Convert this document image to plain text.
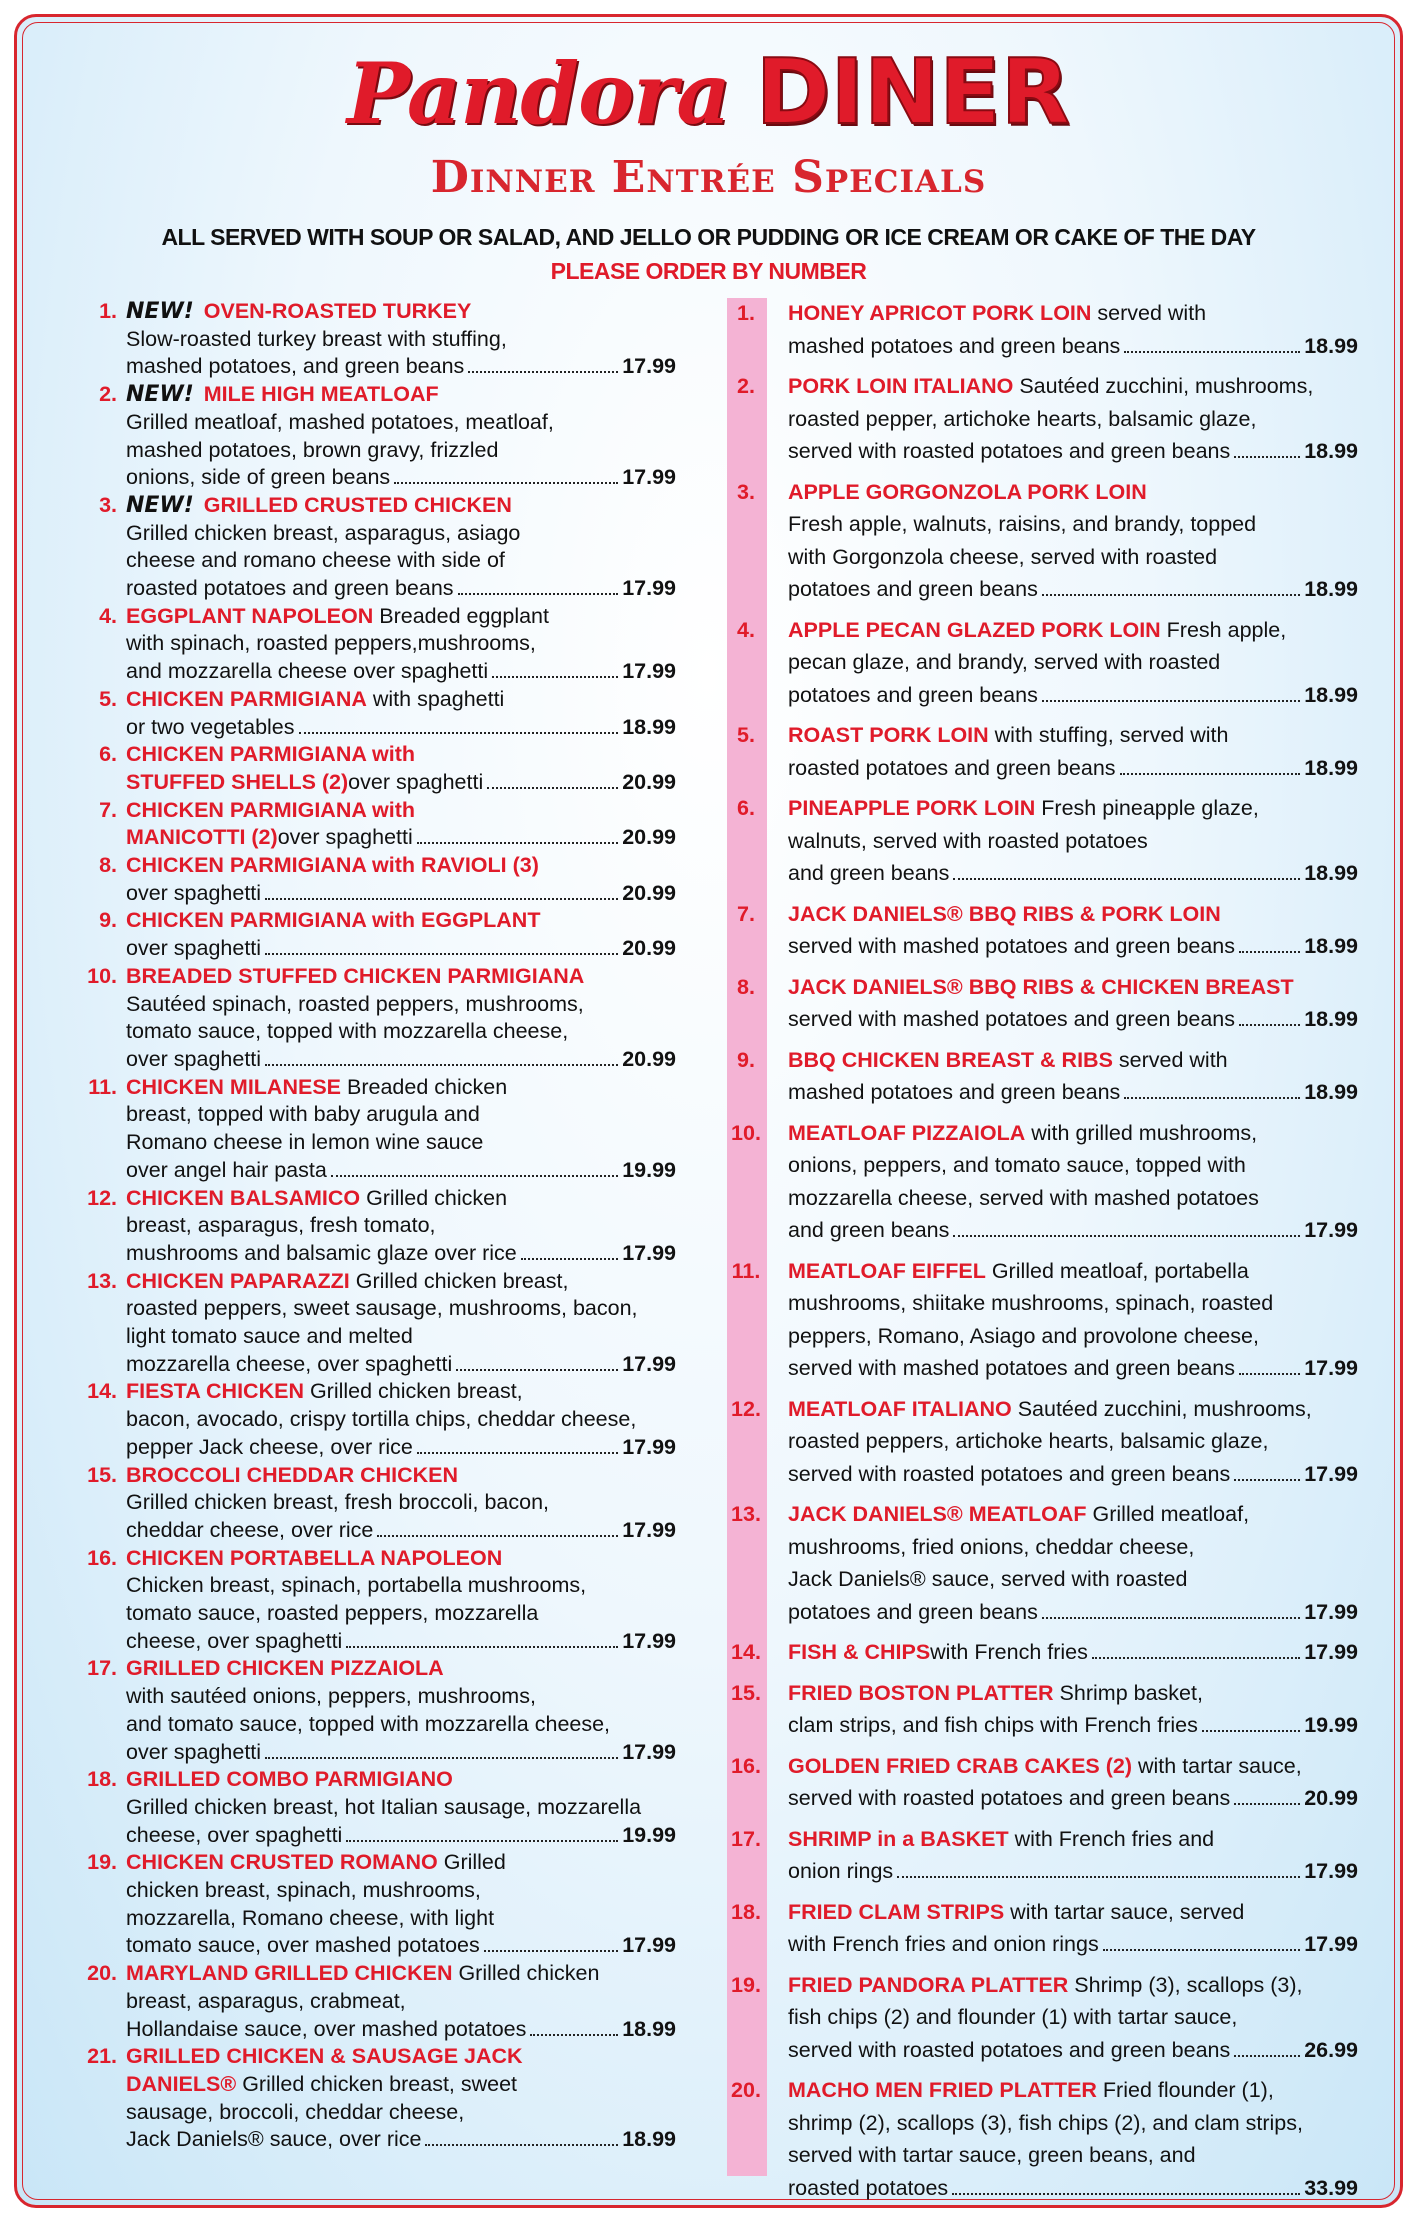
Pandora DINER
Dinner Entrée Specials
ALL SERVED WITH SOUP OR SALAD, AND JELLO OR PUDDING OR ICE CREAM OR CAKE OF THE DAY
PLEASE ORDER BY NUMBER
1. NEW! OVEN-ROASTED TURKEY
Slow-roasted turkey breast with stuffing,
mashed potatoes, and green beans	17.99
2. NEW! MILE HIGH MEATLOAF
Grilled meatloaf, mashed potatoes, meatloaf,
mashed potatoes, brown gravy, frizzled
onions, side of green beans	17.99
3. NEW! GRILLED CRUSTED CHICKEN
Grilled chicken breast, asparagus, asiago
cheese and romano cheese with side of
roasted potatoes and green beans	17.99
4. EGGPLANT NAPOLEON Breaded eggplant
with spinach, roasted peppers,mushrooms,
and mozzarella cheese over spaghetti	17.99
5. CHICKEN PARMIGIANA with spaghetti
or two vegetables	18.99
6. CHICKEN PARMIGIANA with
STUFFED SHELLS (2) over spaghetti	20.99
7. CHICKEN PARMIGIANA with
MANICOTTI (2) over spaghetti	20.99
8. CHICKEN PARMIGIANA with RAVIOLI (3)
over spaghetti	20.99
9. CHICKEN PARMIGIANA with EGGPLANT
over spaghetti	20.99
10. BREADED STUFFED CHICKEN PARMIGIANA
Sautéed spinach, roasted peppers, mushrooms,
tomato sauce, topped with mozzarella cheese,
over spaghetti	20.99
11. CHICKEN MILANESE Breaded chicken
breast, topped with baby arugula and
Romano cheese in lemon wine sauce
over angel hair pasta	19.99
12. CHICKEN BALSAMICO Grilled chicken
breast, asparagus, fresh tomato,
mushrooms and balsamic glaze over rice	17.99
13. CHICKEN PAPARAZZI Grilled chicken breast,
roasted peppers, sweet sausage, mushrooms, bacon,
light tomato sauce and melted
mozzarella cheese, over spaghetti	17.99
14. FIESTA CHICKEN Grilled chicken breast,
bacon, avocado, crispy tortilla chips, cheddar cheese,
pepper Jack cheese, over rice	17.99
15. BROCCOLI CHEDDAR CHICKEN
Grilled chicken breast, fresh broccoli, bacon,
cheddar cheese, over rice	17.99
16. CHICKEN PORTABELLA NAPOLEON
Chicken breast, spinach, portabella mushrooms,
tomato sauce, roasted peppers, mozzarella
cheese, over spaghetti	17.99
17. GRILLED CHICKEN PIZZAIOLA
with sautéed onions, peppers, mushrooms,
and tomato sauce, topped with mozzarella cheese,
over spaghetti	17.99
18. GRILLED COMBO PARMIGIANO
Grilled chicken breast, hot Italian sausage, mozzarella
cheese, over spaghetti	19.99
19. CHICKEN CRUSTED ROMANO Grilled
chicken breast, spinach, mushrooms,
mozzarella, Romano cheese, with light
tomato sauce, over mashed potatoes	17.99
20. MARYLAND GRILLED CHICKEN Grilled chicken
breast, asparagus, crabmeat,
Hollandaise sauce, over mashed potatoes	18.99
21. GRILLED CHICKEN & SAUSAGE JACK
DANIELS® Grilled chicken breast, sweet
sausage, broccoli, cheddar cheese,
Jack Daniels® sauce, over rice	18.99
1.	HONEY APRICOT PORK LOIN served with
mashed potatoes and green beans	18.99
2.	PORK LOIN ITALIANO Sautéed zucchini, mushrooms,
roasted pepper, artichoke hearts, balsamic glaze,
served with roasted potatoes and green beans	18.99
3.	APPLE GORGONZOLA PORK LOIN
Fresh apple, walnuts, raisins, and brandy, topped
with Gorgonzola cheese, served with roasted
potatoes and green beans	18.99
4.	APPLE PECAN GLAZED PORK LOIN Fresh apple,
pecan glaze, and brandy, served with roasted
potatoes and green beans	18.99
5.	ROAST PORK LOIN with stuffing, served with
roasted potatoes and green beans	18.99
6.	PINEAPPLE PORK LOIN Fresh pineapple glaze,
walnuts, served with roasted potatoes
and green beans	18.99
7.	JACK DANIELS® BBQ RIBS & PORK LOIN
served with mashed potatoes and green beans	18.99
8.	JACK DANIELS® BBQ RIBS & CHICKEN BREAST
served with mashed potatoes and green beans	18.99
9.	BBQ CHICKEN BREAST & RIBS served with
mashed potatoes and green beans	18.99
10. MEATLOAF PIZZAIOLA with grilled mushrooms,
onions, peppers, and tomato sauce, topped with
mozzarella cheese, served with mashed potatoes
and green beans	17.99
11. MEATLOAF EIFFEL Grilled meatloaf, portabella
mushrooms, shiitake mushrooms, spinach, roasted
peppers, Romano, Asiago and provolone cheese,
served with mashed potatoes and green beans	17.99
12. MEATLOAF ITALIANO Sautéed zucchini, mushrooms,
roasted peppers, artichoke hearts, balsamic glaze,
served with roasted potatoes and green beans	17.99
13. JACK DANIELS® MEATLOAF Grilled meatloaf,
mushrooms, fried onions, cheddar cheese,
Jack Daniels® sauce, served with roasted
potatoes and green beans	17.99
14. FISH & CHIPS with French fries	17.99
15. FRIED BOSTON PLATTER Shrimp basket,
clam strips, and fish chips with French fries	19.99
16. GOLDEN FRIED CRAB CAKES (2) with tartar sauce,
served with roasted potatoes and green beans	20.99
17. SHRIMP in a BASKET with French fries and
onion rings	17.99
18. FRIED CLAM STRIPS with tartar sauce, served
with French fries and onion rings	17.99
19. FRIED PANDORA PLATTER Shrimp (3), scallops (3),
fish chips (2) and flounder (1) with tartar sauce,
served with roasted potatoes and green beans	26.99
20. MACHO MEN FRIED PLATTER Fried flounder (1),
shrimp (2), scallops (3), fish chips (2), and clam strips,
served with tartar sauce, green beans, and
roasted potatoes	33.99
